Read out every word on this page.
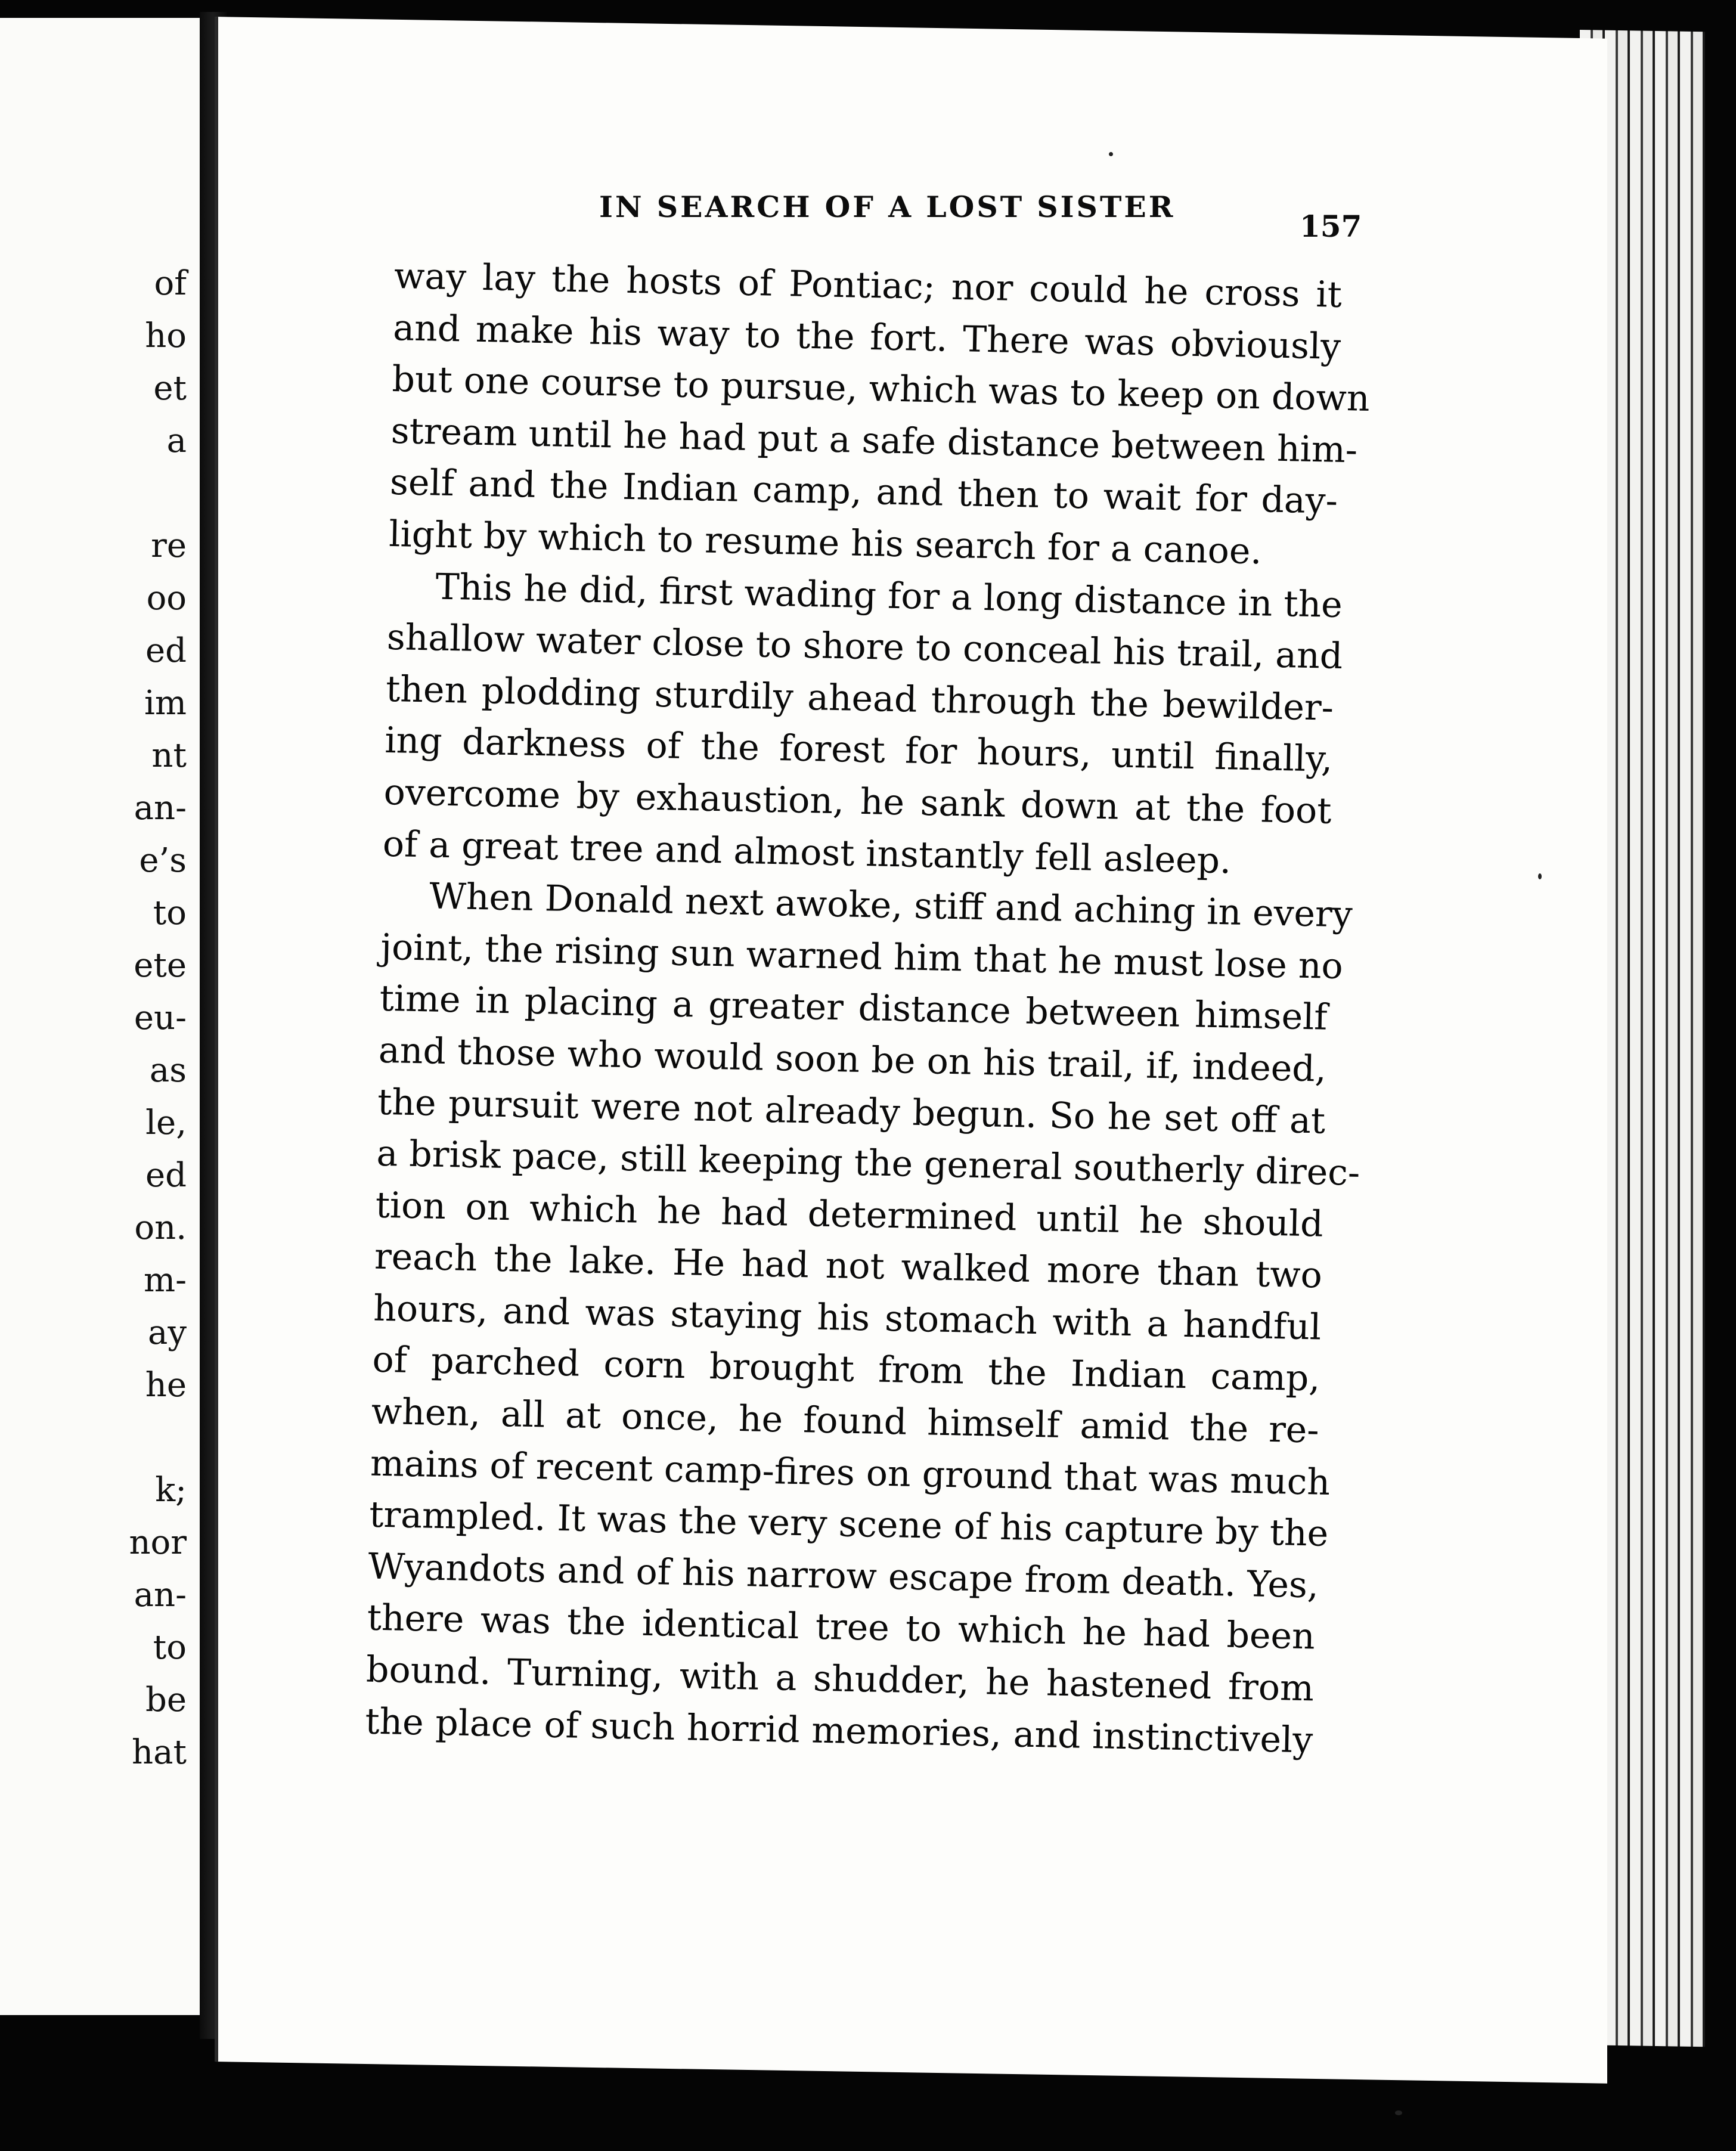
of
ho
et
a
re
oo
ed
im
nt
an-
e’s
to
ete
eu-
as
le,
ed
on.
m-
ay
he
k;
nor
an-
to
be
hat
IN SEARCH OF A LOST SISTER
157
way lay the hosts of Pontiac; nor could he cross it
and make his way to the fort. There was obviously
but one course to pursue, which was to keep on down
stream until he had put a safe distance between him-
self and the Indian camp, and then to wait for day-
light by which to resume his search for a canoe.
This he did, first wading for a long distance in the
shallow water close to shore to conceal his trail, and
then plodding sturdily ahead through the bewilder-
ing darkness of the forest for hours, until finally,
overcome by exhaustion, he sank down at the foot
of a great tree and almost instantly fell asleep.
When Donald next awoke, stiff and aching in every
joint, the rising sun warned him that he must lose no
time in placing a greater distance between himself
and those who would soon be on his trail, if, indeed,
the pursuit were not already begun. So he set off at
a brisk pace, still keeping the general southerly direc-
tion on which he had determined until he should
reach the lake. He had not walked more than two
hours, and was staying his stomach with a handful
of parched corn brought from the Indian camp,
when, all at once, he found himself amid the re-
mains of recent camp-fires on ground that was much
trampled. It was the very scene of his capture by the
Wyandots and of his narrow escape from death. Yes,
there was the identical tree to which he had been
bound. Turning, with a shudder, he hastened from
the place of such horrid memories, and instinctively
